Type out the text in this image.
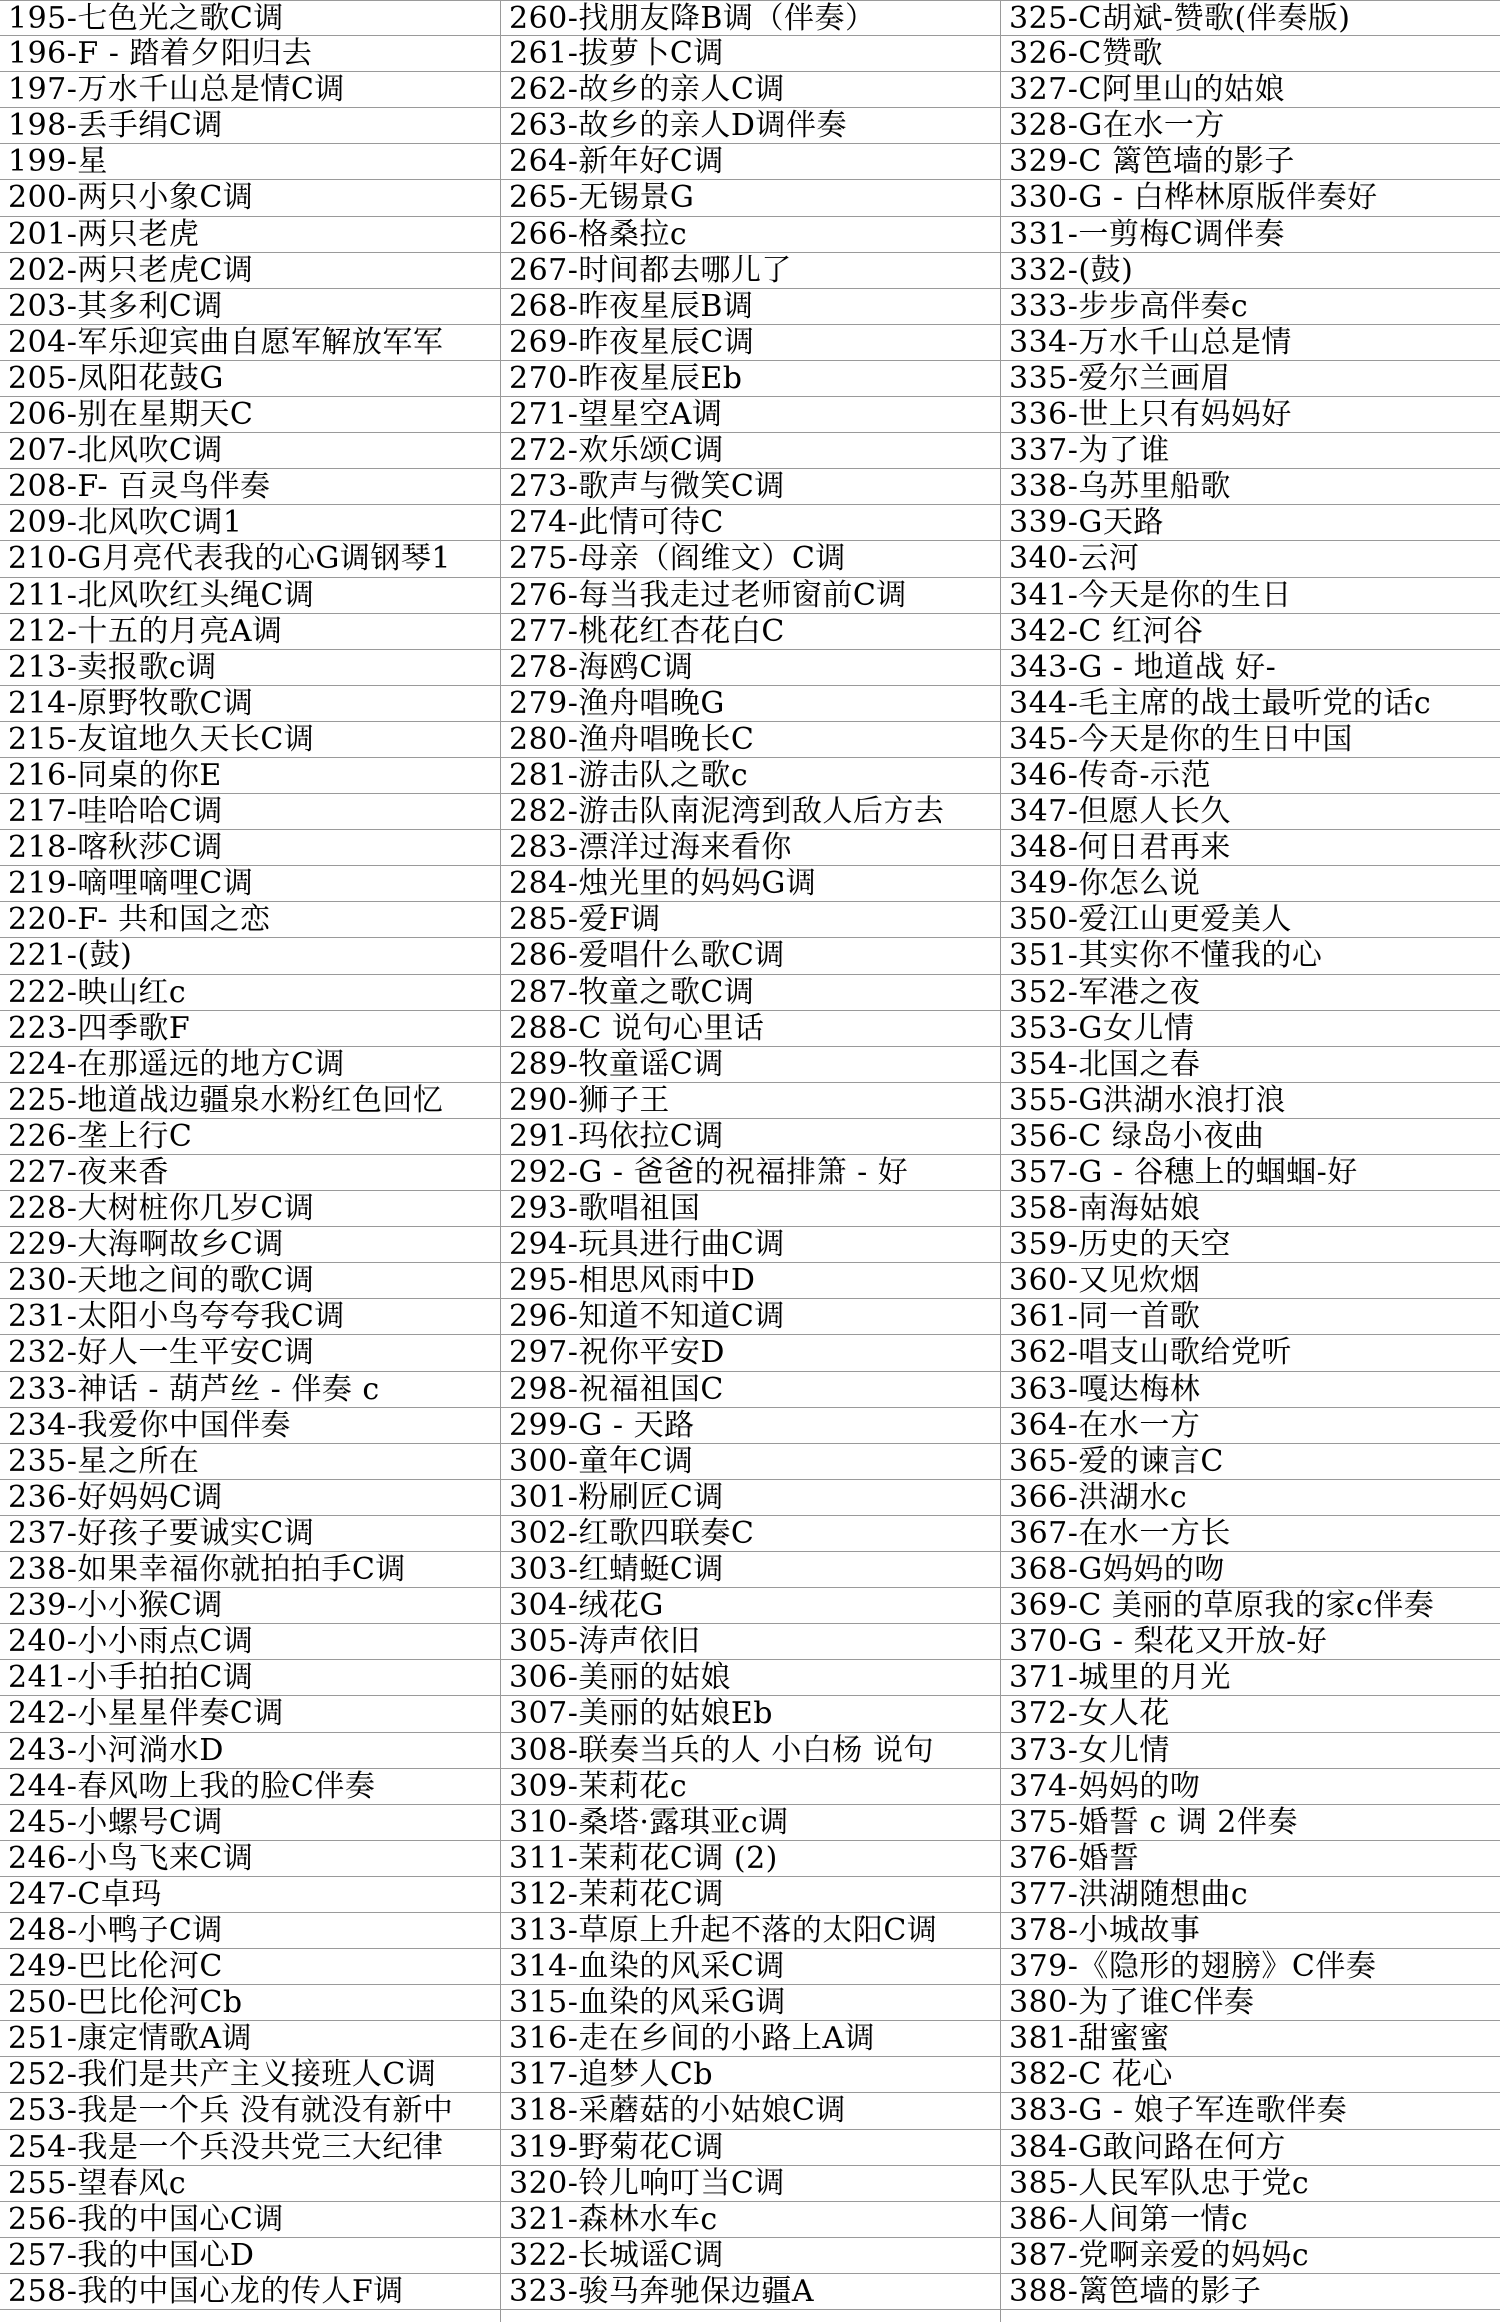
195-七色光之歌C调
196-F - 踏着夕阳归去
197-万水千山总是情C调
198-丢手绢C调
199-星
200-两只小象C调
201-两只老虎
202-两只老虎C调
203-其多利C调
204-军乐迎宾曲自愿军解放军军
205-凤阳花鼓G
206-别在星期天C
207-北风吹C调
208-F- 百灵鸟伴奏
209-北风吹C调1
210-G月亮代表我的心G调钢琴1
211-北风吹红头绳C调
212-十五的月亮A调
213-卖报歌c调
214-原野牧歌C调
215-友谊地久天长C调
216-同桌的你E
217-哇哈哈C调
218-喀秋莎C调
219-嘀哩嘀哩C调
220-F- 共和国之恋
221-(鼓)
222-映山红c
223-四季歌F
224-在那遥远的地方C调
225-地道战边疆泉水粉红色回忆
226-垄上行C
227-夜来香
228-大树桩你几岁C调
229-大海啊故乡C调
230-天地之间的歌C调
231-太阳小鸟夸夸我C调
232-好人一生平安C调
233-神话 - 葫芦丝 - 伴奏 c
234-我爱你中国伴奏
235-星之所在
236-好妈妈C调
237-好孩子要诚实C调
238-如果幸福你就拍拍手C调
239-小小猴C调
240-小小雨点C调
241-小手拍拍C调
242-小星星伴奏C调
243-小河淌水D
244-春风吻上我的脸C伴奏
245-小螺号C调
246-小鸟飞来C调
247-C卓玛
248-小鸭子C调
249-巴比伦河C
250-巴比伦河Cb
251-康定情歌A调
252-我们是共产主义接班人C调
253-我是一个兵 没有就没有新中
254-我是一个兵没共党三大纪律
255-望春风c
256-我的中国心C调
257-我的中国心D
258-我的中国心龙的传人F调
260-找朋友降B调（伴奏）
261-拔萝卜C调
262-故乡的亲人C调
263-故乡的亲人D调伴奏
264-新年好C调
265-无锡景G
266-格桑拉c
267-时间都去哪儿了
268-昨夜星辰B调
269-昨夜星辰C调
270-昨夜星辰Eb
271-望星空A调
272-欢乐颂C调
273-歌声与微笑C调
274-此情可待C
275-母亲（阎维文）C调
276-每当我走过老师窗前C调
277-桃花红杏花白C
278-海鸥C调
279-渔舟唱晚G
280-渔舟唱晚长C
281-游击队之歌c
282-游击队南泥湾到敌人后方去
283-漂洋过海来看你
284-烛光里的妈妈G调
285-爱F调
286-爱唱什么歌C调
287-牧童之歌C调
288-C 说句心里话
289-牧童谣C调
290-狮子王
291-玛依拉C调
292-G - 爸爸的祝福排箫 - 好
293-歌唱祖国
294-玩具进行曲C调
295-相思风雨中D
296-知道不知道C调
297-祝你平安D
298-祝福祖国C
299-G - 天路
300-童年C调
301-粉刷匠C调
302-红歌四联奏C
303-红蜻蜓C调
304-绒花G
305-涛声依旧
306-美丽的姑娘
307-美丽的姑娘Eb
308-联奏当兵的人 小白杨 说句
309-茉莉花c
310-桑塔·露琪亚c调
311-茉莉花C调 (2)
312-茉莉花C调
313-草原上升起不落的太阳C调
314-血染的风采C调
315-血染的风采G调
316-走在乡间的小路上A调
317-追梦人Cb
318-采蘑菇的小姑娘C调
319-野菊花C调
320-铃儿响叮当C调
321-森林水车c
322-长城谣C调
323-骏马奔驰保边疆A
325-C胡斌-赞歌(伴奏版)
326-C赞歌
327-C阿里山的姑娘
328-G在水一方
329-C 篱笆墙的影子
330-G - 白桦林原版伴奏好
331-一剪梅C调伴奏
332-(鼓)
333-步步高伴奏c
334-万水千山总是情
335-爱尔兰画眉
336-世上只有妈妈好
337-为了谁
338-乌苏里船歌
339-G天路
340-云河
341-今天是你的生日
342-C 红河谷
343-G - 地道战 好-
344-毛主席的战士最听党的话c
345-今天是你的生日中国
346-传奇-示范
347-但愿人长久
348-何日君再来
349-你怎么说
350-爱江山更爱美人
351-其实你不懂我的心
352-军港之夜
353-G女儿情
354-北国之春
355-G洪湖水浪打浪
356-C 绿岛小夜曲
357-G - 谷穗上的蝈蝈-好
358-南海姑娘
359-历史的天空
360-又见炊烟
361-同一首歌
362-唱支山歌给党听
363-嘎达梅林
364-在水一方
365-爱的谏言C
366-洪湖水c
367-在水一方长
368-G妈妈的吻
369-C 美丽的草原我的家c伴奏
370-G - 梨花又开放-好
371-城里的月光
372-女人花
373-女儿情
374-妈妈的吻
375-婚誓 c 调 2伴奏
376-婚誓
377-洪湖随想曲c
378-小城故事
379-《隐形的翅膀》C伴奏
380-为了谁C伴奏
381-甜蜜蜜
382-C 花心
383-G - 娘子军连歌伴奏
384-G敢问路在何方
385-人民军队忠于党c
386-人间第一情c
387-党啊亲爱的妈妈c
388-篱笆墙的影子
